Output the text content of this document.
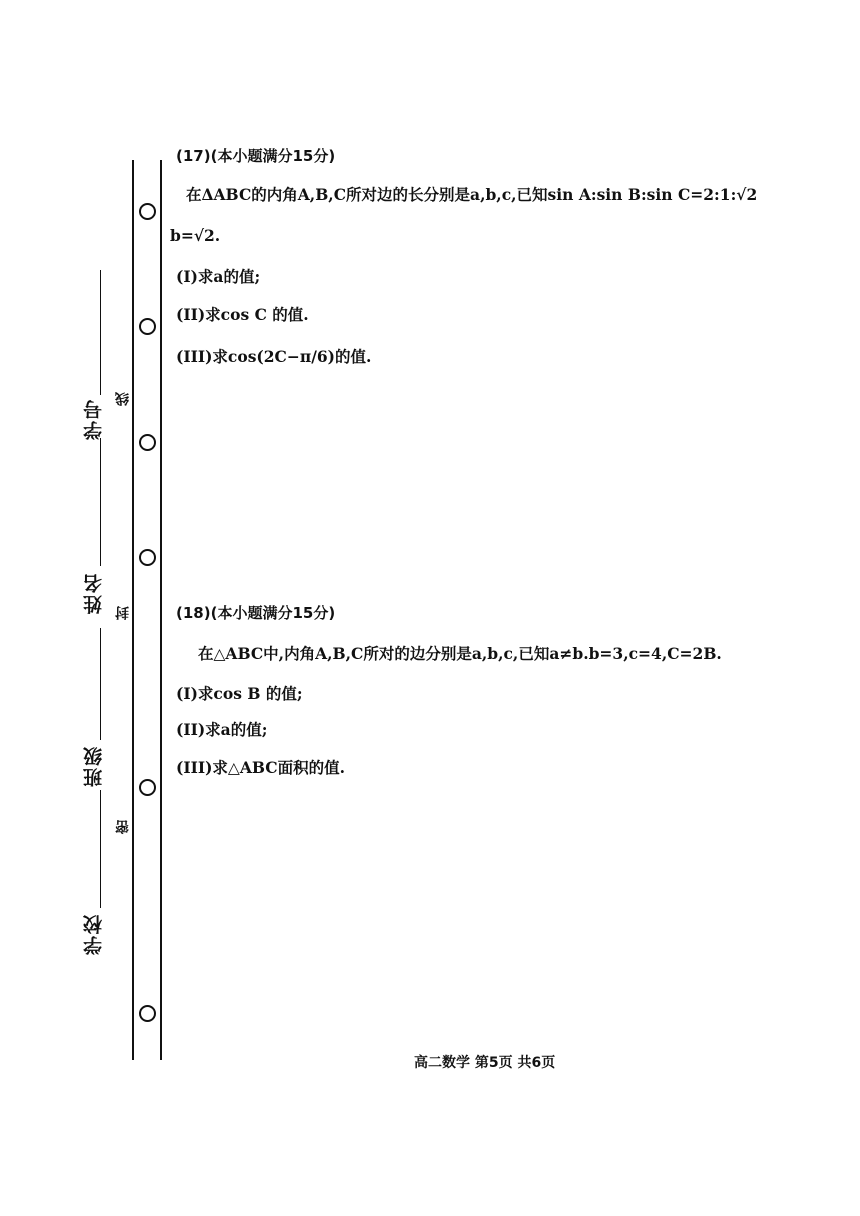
学号
姓名
班级
学校
线
封
密
(17)(本小题满分15分)
在ΔABC的内角A,B,C所对边的长分别是a,b,c,已知sin A:sin B:sin C=2:1:√2
b=√2.
(I)求a的值;
(II)求cos C 的值.
(III)求cos(2C−π/6)的值.
(18)(本小题满分15分)
在△ABC中,内角A,B,C所对的边分别是a,b,c,已知a≠b.b=3,c=4,C=2B.
(I)求cos B 的值;
(II)求a的值;
(III)求△ABC面积的值.
高二数学 第5页 共6页
